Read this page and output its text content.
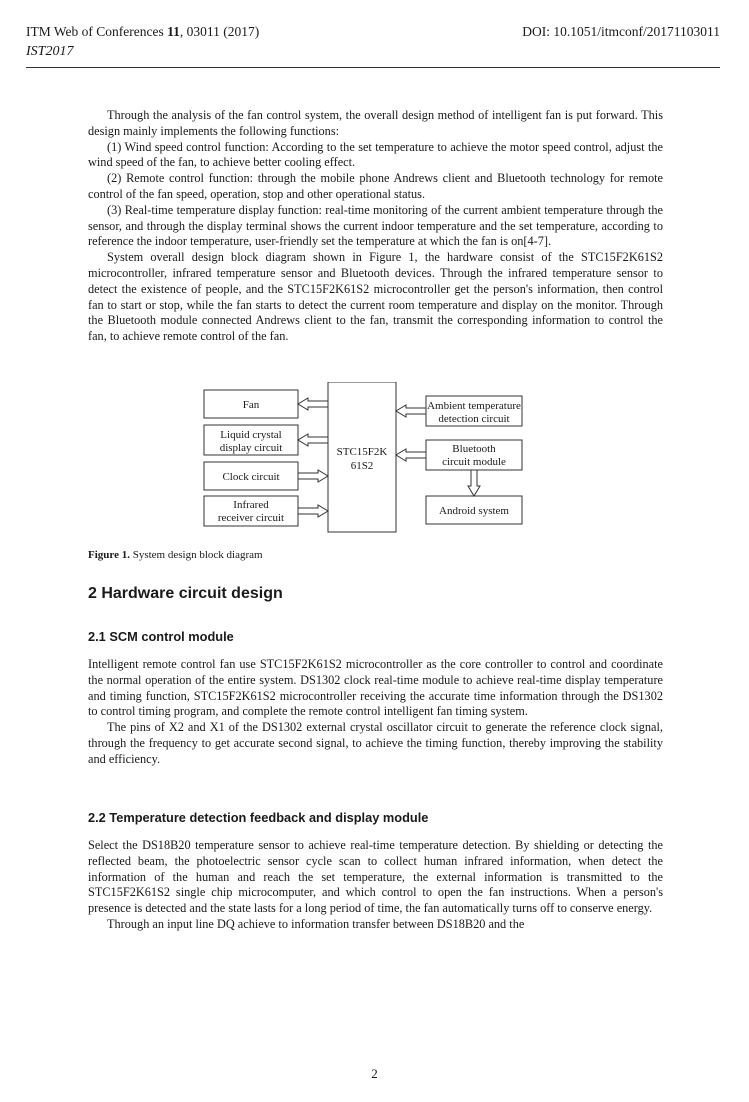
ITM Web of Conferences 11, 03011 (2017)
IST2017
DOI: 10.1051/itmconf/20171103011

Through the analysis of the fan control system, the overall design method of intelligent fan is put forward. This design mainly implements the following functions:

(1) Wind speed control function: According to the set temperature to achieve the motor speed control, adjust the wind speed of the fan, to achieve better cooling effect.

(2) Remote control function: through the mobile phone Andrews client and Bluetooth technology for remote control of the fan speed, operation, stop and other operational status.

(3) Real-time temperature display function: real-time monitoring of the current ambient temperature through the sensor, and through the display terminal shows the current indoor temperature and the set temperature, according to reference the indoor temperature, user-friendly set the temperature at which the fan is on[4-7].

System overall design block diagram shown in Figure 1, the hardware consist of the STC15F2K61S2 microcontroller, infrared temperature sensor and Bluetooth devices. Through the infrared temperature sensor to detect the existence of people, and the STC15F2K61S2 microcontroller get the person's information, then control fan to start or stop, while the fan starts to detect the current room temperature and display on the monitor. Through the Bluetooth module connected Andrews client to the fan, transmit the corresponding information to control the fan, to achieve remote control of the fan.

Fan
Liquid crystal
display circuit
Clock circuit
Infrared
receiver circuit
STC15F2K
61S2
Ambient temperature
detection circuit
Bluetooth
circuit module
Android system
Figure 1. System design block diagram
2 Hardware circuit design
2.1 SCM control module

Intelligent remote control fan use STC15F2K61S2 microcontroller as the core controller to control and coordinate the normal operation of the entire system. DS1302 clock real-time module to achieve real-time display temperature and timing function, STC15F2K61S2 microcontroller receiving the accurate time information through the DS1302 to control timing program, and complete the remote control intelligent fan timing system.

The pins of X2 and X1 of the DS1302 external crystal oscillator circuit to generate the reference clock signal, through the frequency to get accurate second signal, to achieve the timing function, thereby improving the stability and efficiency.

2.2 Temperature detection feedback and display module

Select the DS18B20 temperature sensor to achieve real-time temperature detection. By shielding or detecting the reflected beam, the photoelectric sensor cycle scan to collect human infrared information, when detect the information of the human and reach the set temperature, the external information is transmitted to the STC15F2K61S2 single chip microcomputer, and which control to open the fan instructions. When a person's presence is detected and the state lasts for a long period of time, the fan automatically turns off to conserve energy.

Through an input line DQ achieve to information transfer between DS18B20 and the

2
